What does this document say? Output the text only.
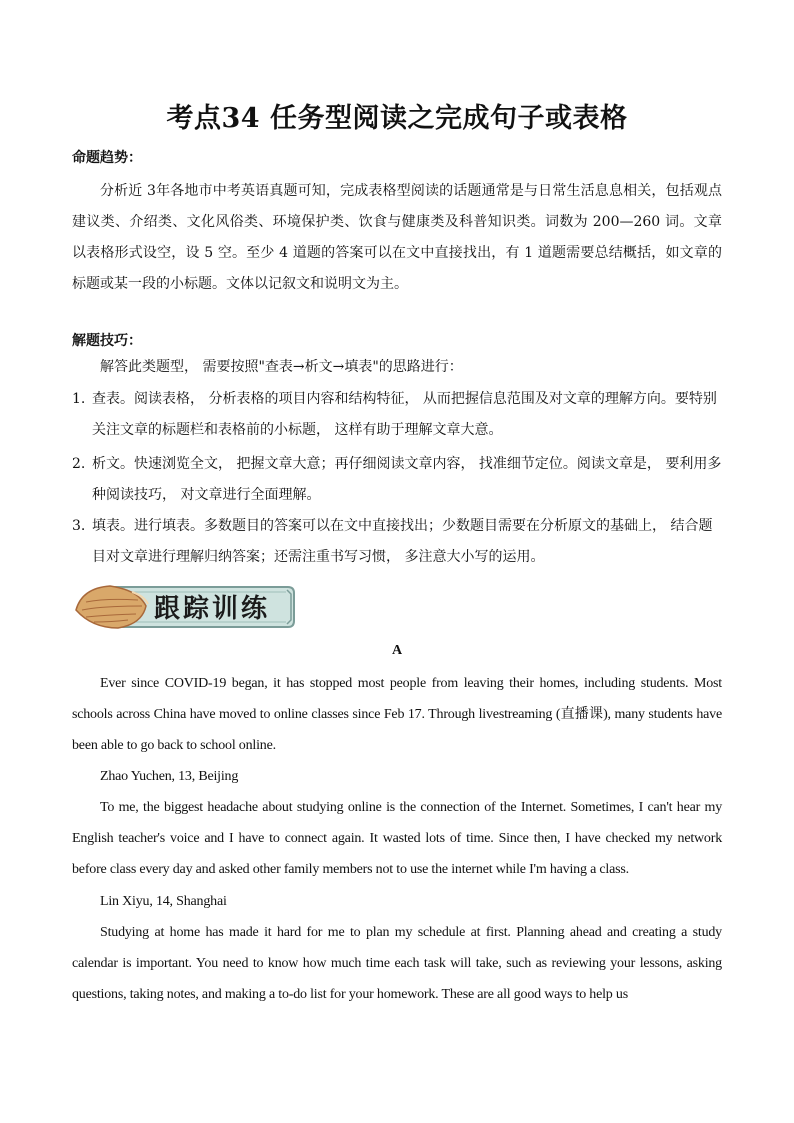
考点34 任务型阅读之完成句子或表格
命题趋势：
分析近 3年各地市中考英语真题可知，完成表格型阅读的话题通常是与日常生活息息相关，包括观点建议类、介绍类、文化风俗类、环境保护类、饮食与健康类及科普知识类。词数为 200—260 词。文章以表格形式设空，设 5 空。至少 4 道题的答案可以在文中直接找出，有 1 道题需要总结概括，如文章的标题或某一段的小标题。文体以记叙文和说明文为主。
解题技巧：
解答此类题型， 需要按照"查表→析文→填表"的思路进行：
1. 查表。阅读表格， 分析表格的项目内容和结构特征， 从而把握信息范围及对文章的理解方向。要特别关注文章的标题栏和表格前的小标题， 这样有助于理解文章大意。
2. 析文。快速浏览全文， 把握文章大意；再仔细阅读文章内容， 找准细节定位。阅读文章是， 要利用多种阅读技巧， 对文章进行全面理解。
3. 填表。进行填表。多数题目的答案可以在文中直接找出；少数题目需要在分析原文的基础上， 结合题目对文章进行理解归纳答案；还需注重书写习惯， 多注意大小写的运用。
跟踪训练
A
Ever since COVID-19 began, it has stopped most people from leaving their homes, including students. Most schools across China have moved to online classes since Feb 17. Through livestreaming (直播课), many students have been able to go back to school online.
Zhao Yuchen, 13, Beijing
To me, the biggest headache about studying online is the connection of the Internet. Sometimes, I can't hear my English teacher's voice and I have to connect again. It wasted lots of time. Since then, I have checked my network before class every day and asked other family members not to use the internet while I'm having a class.
Lin Xiyu, 14, Shanghai
Studying at home has made it hard for me to plan my schedule at first. Planning ahead and creating a study calendar is important. You need to know how much time each task will take, such as reviewing your lessons, asking questions, taking notes, and making a to-do list for your homework. These are all good ways to help us
